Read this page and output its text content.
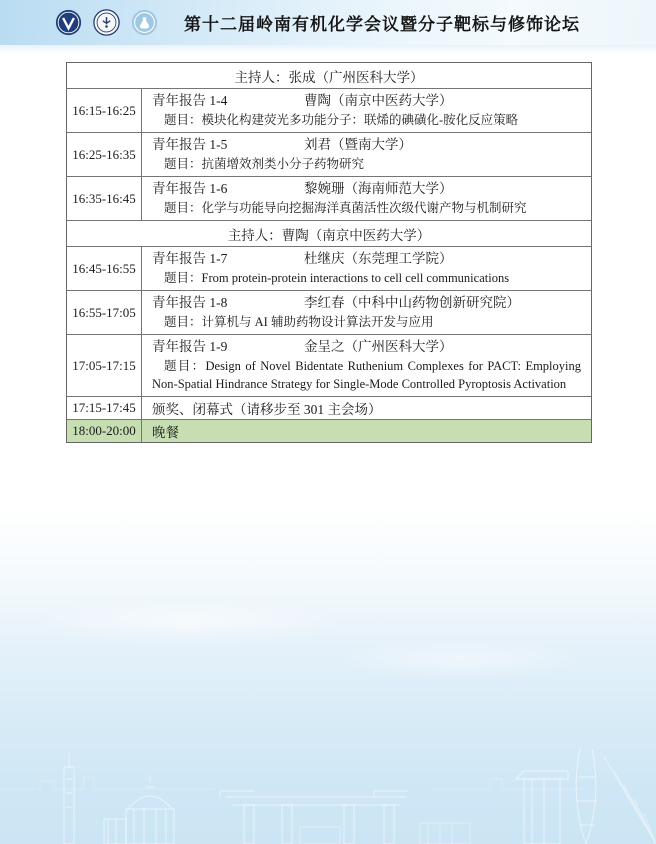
第十二届岭南有机化学会议暨分子靶标与修饰论坛
主持人：张成（广州医科大学）
16:15-16:25
青年报告 1-4	曹陶（南京中医药大学）
题目：模块化构建荧光多功能分子：联烯的碘磺化-胺化反应策略
16:25-16:35
青年报告 1-5	刘君（暨南大学）
题目：抗菌增效剂类小分子药物研究
16:35-16:45
青年报告 1-6	黎婉珊（海南师范大学）
题目：化学与功能导向挖掘海洋真菌活性次级代谢产物与机制研究
主持人：曹陶（南京中医药大学）
16:45-16:55
青年报告 1-7	杜继庆（东莞理工学院）
题目：From protein-protein interactions to cell cell communications
16:55-17:05
青年报告 1-8	李红春（中科中山药物创新研究院）
题目：计算机与 AI 辅助药物设计算法开发与应用
17:05-17:15
青年报告 1-9	金呈之（广州医科大学）
题目：Design of Novel Bidentate Ruthenium Complexes for PACT: Employing Non-Spatial Hindrance Strategy for Single-Mode Controlled Pyroptosis Activation
17:15-17:45	颁奖、闭幕式（请移步至 301 主会场）
18:00-20:00	晚餐
